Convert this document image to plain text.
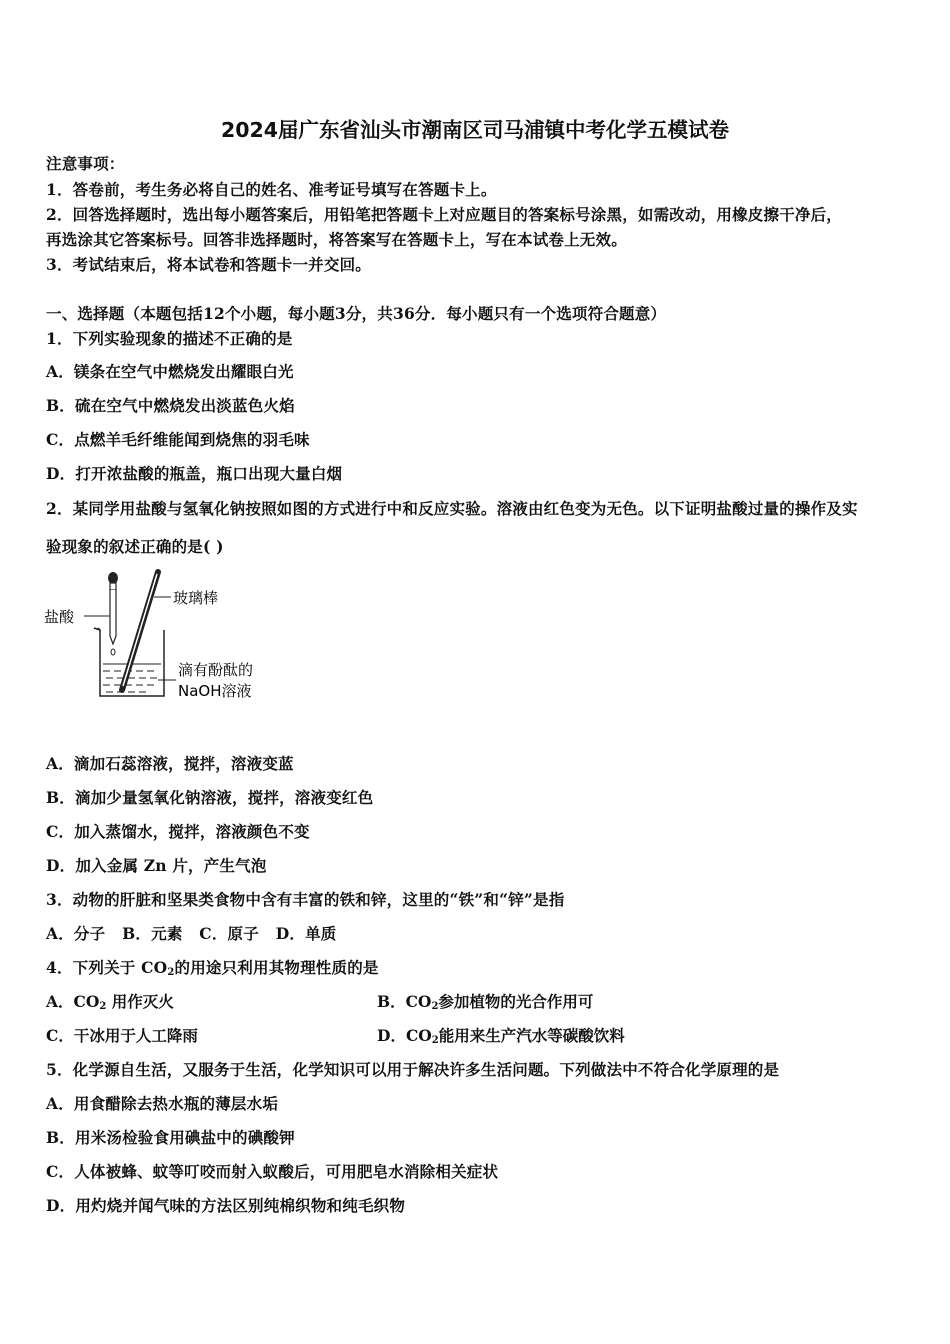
2024届广东省汕头市潮南区司马浦镇中考化学五模试卷
注意事项：
1．答卷前，考生务必将自己的姓名、准考证号填写在答题卡上。
2．回答选择题时，选出每小题答案后，用铅笔把答题卡上对应题目的答案标号涂黑，如需改动，用橡皮擦干净后，
再选涂其它答案标号。回答非选择题时，将答案写在答题卡上，写在本试卷上无效。
3．考试结束后，将本试卷和答题卡一并交回。
一、选择题（本题包括12个小题，每小题3分，共36分．每小题只有一个选项符合题意）
1．下列实验现象的描述不正确的是
A．镁条在空气中燃烧发出耀眼白光
B．硫在空气中燃烧发出淡蓝色火焰
C．点燃羊毛纤维能闻到烧焦的羽毛味
D．打开浓盐酸的瓶盖，瓶口出现大量白烟
2．某同学用盐酸与氢氧化钠按照如图的方式进行中和反应实验。溶液由红色变为无色。以下证明盐酸过量的操作及实
验现象的叙述正确的是( )
盐酸
玻璃棒
滴有酚酞的
NaOH溶液
A．滴加石蕊溶液，搅拌，溶液变蓝
B．滴加少量氢氧化钠溶液，搅拌，溶液变红色
C．加入蒸馏水，搅拌，溶液颜色不变
D．加入金属 Zn 片，产生气泡
3．动物的肝脏和坚果类食物中含有丰富的铁和锌，这里的“铁”和“锌”是指
A．分子   B．元素   C．原子   D．单质
4．下列关于 $CO_2$的用途只利用其物理性质的是
A．$CO_2$ 用作灭火	B．$CO_2$参加植物的光合作用可
C．干冰用于人工降雨	D．$CO_2$能用来生产汽水等碳酸饮料
5．化学源自生活，又服务于生活，化学知识可以用于解决许多生活问题。下列做法中不符合化学原理的是
A．用食醋除去热水瓶的薄层水垢
B．用米汤检验食用碘盐中的碘酸钾
C．人体被蜂、蚊等叮咬而射入蚁酸后，可用肥皂水消除相关症状
D．用灼烧并闻气味的方法区别纯棉织物和纯毛织物
